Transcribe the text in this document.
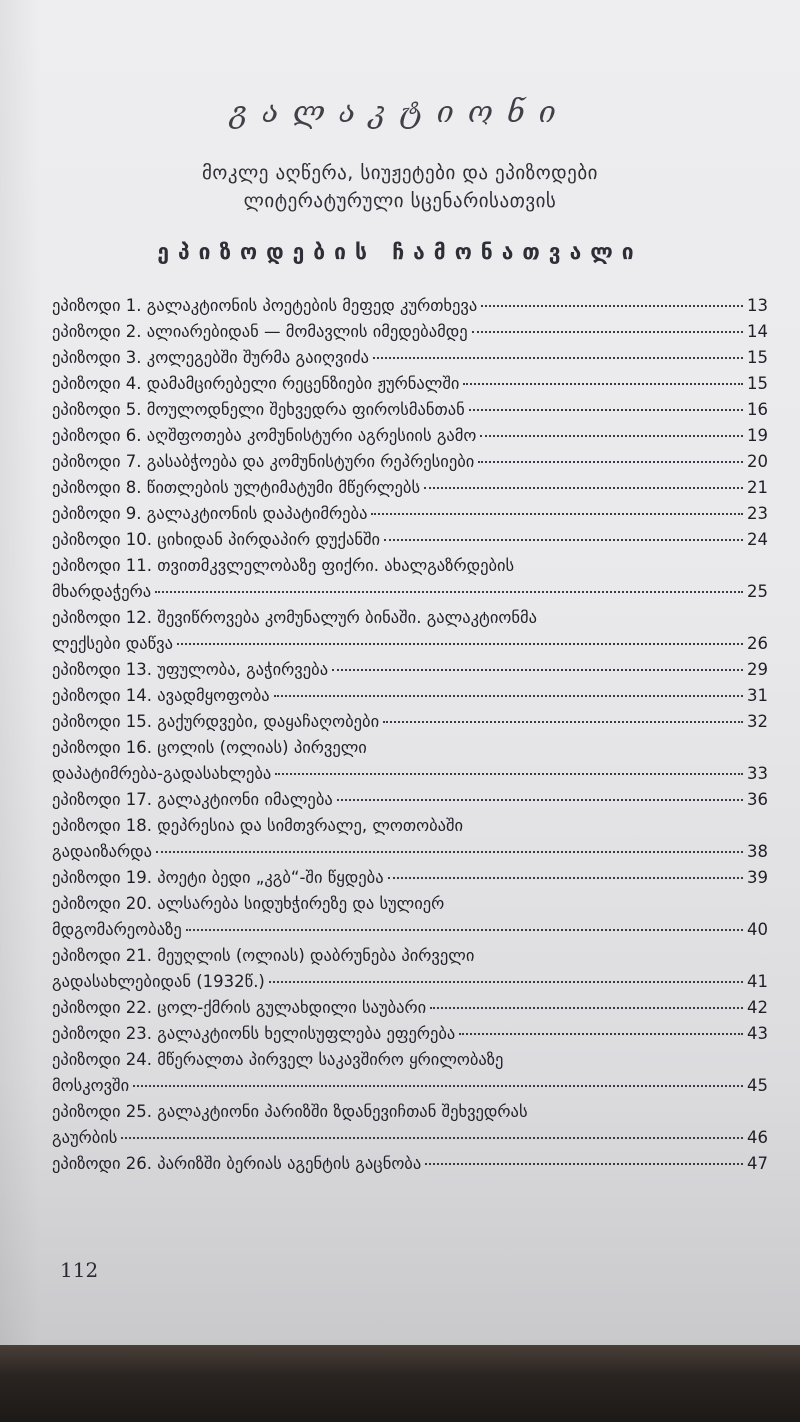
გალაკტიონი
მოკლე აღწერა, სიუჟეტები და ეპიზოდები
ლიტერატურული სცენარისათვის
ეპიზოდების ჩამონათვალი
ეპიზოდი 1. გალაკტიონის პოეტების მეფედ კურთხევა	13
ეპიზოდი 2. ალიარებიდან — მომავლის იმედებამდე	14
ეპიზოდი 3. კოლეგებში შურმა გაიღვიძა	15
ეპიზოდი 4. დამამცირებელი რეცენზიები ჟურნალში	15
ეპიზოდი 5. მოულოდნელი შეხვედრა ფიროსმანთან	16
ეპიზოდი 6. აღშფოთება კომუნისტური აგრესიის გამო	19
ეპიზოდი 7. გასაბჭოება და კომუნისტური რეპრესიები	20
ეპიზოდი 8. წითლების ულტიმატუმი მწერლებს	21
ეპიზოდი 9. გალაკტიონის დაპატიმრება	23
ეპიზოდი 10. ციხიდან პირდაპირ დუქანში	24
ეპიზოდი 11. თვითმკვლელობაზე ფიქრი. ახალგაზრდების
მხარდაჭერა	25
ეპიზოდი 12. შევიწროვება კომუნალურ ბინაში. გალაკტიონმა
ლექსები დაწვა	26
ეპიზოდი 13. უფულობა, გაჭირვება	29
ეპიზოდი 14. ავადმყოფობა	31
ეპიზოდი 15. გაქურდვები, დაყაჩაღობები	32
ეპიზოდი 16. ცოლის (ოლიას) პირველი
დაპატიმრება-გადასახლება	33
ეპიზოდი 17. გალაკტიონი იმალება	36
ეპიზოდი 18. დეპრესია და სიმთვრალე, ლოთობაში
გადაიზარდა	38
ეპიზოდი 19. პოეტი ბედი „კგბ“-ში წყდება	39
ეპიზოდი 20. ალსარება სიდუხჭირეზე და სულიერ
მდგომარეობაზე	40
ეპიზოდი 21. მეუღლის (ოლიას) დაბრუნება პირველი
გადასახლებიდან (1932წ.)	41
ეპიზოდი 22. ცოლ-ქმრის გულახდილი საუბარი	42
ეპიზოდი 23. გალაკტიონს ხელისუფლება ეფერება	43
ეპიზოდი 24. მწერალთა პირველ საკავშირო ყრილობაზე
მოსკოვში	45
ეპიზოდი 25. გალაკტიონი პარიზში ზდანევიჩთან შეხვედრას
გაურბის	46
ეპიზოდი 26. პარიზში ბერიას აგენტის გაცნობა	47
112
